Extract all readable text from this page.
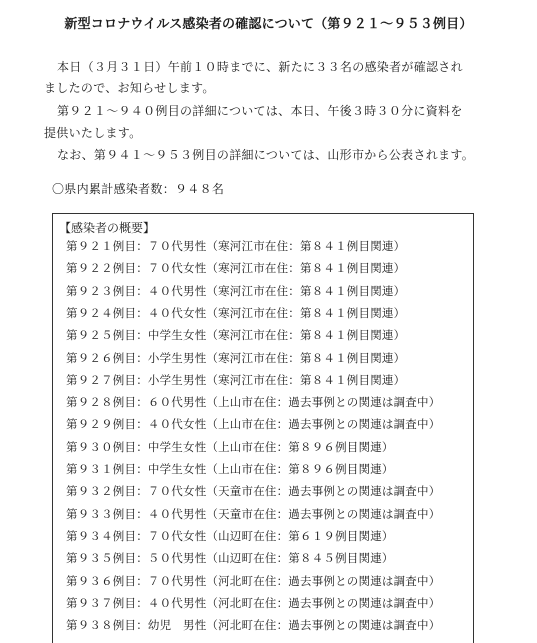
新型コロナウイルス感染者の確認について（第９２１～９５３例目）
本日（３月３１日）午前１０時までに、新たに３３名の感染者が確認され
ましたので、お知らせします。
第９２１～９４０例目の詳細については、本日、午後３時３０分に資料を
提供いたします。
なお、第９４１～９５３例目の詳細については、山形市から公表されます。
〇県内累計感染者数：９４８名
【感染者の概要】
第９２１例目：７０代男性（寒河江市在住：第８４１例目関連）
第９２２例目：７０代女性（寒河江市在住：第８４１例目関連）
第９２３例目：４０代男性（寒河江市在住：第８４１例目関連）
第９２４例目：４０代女性（寒河江市在住：第８４１例目関連）
第９２５例目：中学生女性（寒河江市在住：第８４１例目関連）
第９２６例目：小学生男性（寒河江市在住：第８４１例目関連）
第９２７例目：小学生男性（寒河江市在住：第８４１例目関連）
第９２８例目：６０代男性（上山市在住：過去事例との関連は調査中）
第９２９例目：４０代女性（上山市在住：過去事例との関連は調査中）
第９３０例目：中学生女性（上山市在住：第８９６例目関連）
第９３１例目：中学生女性（上山市在住：第８９６例目関連）
第９３２例目：７０代女性（天童市在住：過去事例との関連は調査中）
第９３３例目：４０代男性（天童市在住：過去事例との関連は調査中）
第９３４例目：７０代女性（山辺町在住：第６１９例目関連）
第９３５例目：５０代男性（山辺町在住：第８４５例目関連）
第９３６例目：７０代男性（河北町在住：過去事例との関連は調査中）
第９３７例目：４０代男性（河北町在住：過去事例との関連は調査中）
第９３８例目：幼児　男性（河北町在住：過去事例との関連は調査中）
